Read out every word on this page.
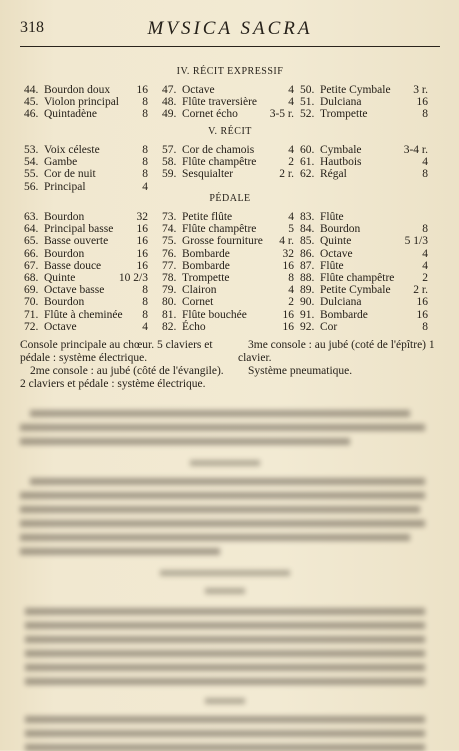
318	MVSICA SACRA
Console principale au chœur. 5 claviers et pédale : système électrique.
2me console : au jubé (côté de l'évangile). 2 claviers et pédale : système électrique.
3me console : au jubé (coté de l'épître) 1 clavier.
Système pneumatique.
IV. RÉCIT EXPRESSIF
44. Bourdon doux 16
45. Violon principal 8
46. Quintadène	8
47. Octave	4
48. Flûte traversière	4
49. Cornet écho	3-5 r.
50. Petite Cymbale 3 r.
51. Dulciana	16
52. Trompette	8
V. RÉCIT
53. Voix céleste	8
54. Gambe	8
55. Cor de nuit	8
56. Principal	4
57. Cor de chamois	4
58. Flûte champêtre	2
59. Sesquialter	2 r.
60. Cymbale	3-4 r.
61. Hautbois	4
62. Régal	8
PÉDALE
63. Bourdon	32
64. Principal basse 16
65. Basse ouverte 16
66. Bourdon	16
67. Basse douce	16
68. Quinte	10 2/3
69. Octave basse	8
70. Bourdon	8
71. Flûte à cheminée 8
72. Octave	4
73. Petite flûte	4
74. Flûte champêtre	5
75. Grosse fourniture 4 r.
76. Bombarde	32
77. Bombarde	16
78. Trompette	8
79. Clairon	4
80. Cornet	2
81. Flûte bouchée	16
82. Écho	16
83. Flûte
84. Bourdon	8
85. Quinte	5 1/3
86. Octave	4
87. Flûte	4
88. Flûte champêtre 2
89. Petite Cymbale 2 r.
90. Dulciana	16
91. Bombarde	16
92. Cor	8
